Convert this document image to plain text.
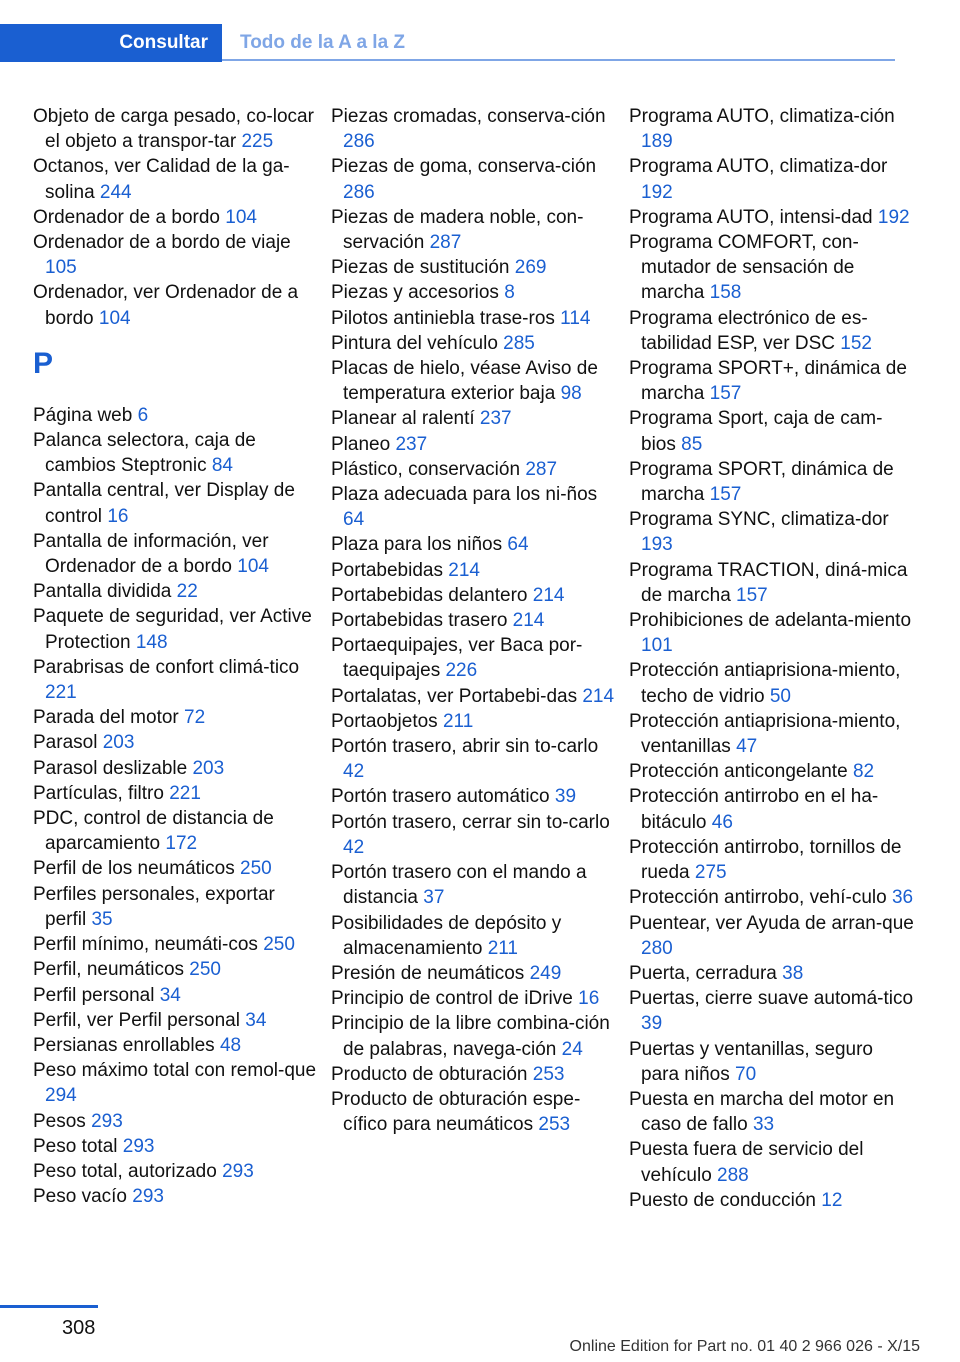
Consultar	Todo de la A a la Z
Objeto de carga pesado, co-locar el objeto a transpor-tar 225
Octanos, ver Calidad de la ga-solina 244
Ordenador de a bordo 104
Ordenador de a bordo de viaje 105
Ordenador, ver Ordenador de a bordo 104
P
Página web 6
Palanca selectora, caja de cambios Steptronic 84
Pantalla central, ver Display de control 16
Pantalla de información, ver Ordenador de a bordo 104
Pantalla dividida 22
Paquete de seguridad, ver Active Protection 148
Parabrisas de confort climá-tico 221
Parada del motor 72
Parasol 203
Parasol deslizable 203
Partículas, filtro 221
PDC, control de distancia de aparcamiento 172
Perfil de los neumáticos 250
Perfiles personales, exportar perfil 35
Perfil mínimo, neumáti-cos 250
Perfil, neumáticos 250
Perfil personal 34
Perfil, ver Perfil personal 34
Persianas enrollables 48
Peso máximo total con remol-que 294
Pesos 293
Peso total 293
Peso total, autorizado 293
Peso vacío 293
Piezas cromadas, conserva-ción 286
Piezas de goma, conserva-ción 286
Piezas de madera noble, con-servación 287
Piezas de sustitución 269
Piezas y accesorios 8
Pilotos antiniebla trase-ros 114
Pintura del vehículo 285
Placas de hielo, véase Aviso de temperatura exterior baja 98
Planear al ralentí 237
Planeo 237
Plástico, conservación 287
Plaza adecuada para los ni-ños 64
Plaza para los niños 64
Portabebidas 214
Portabebidas delantero 214
Portabebidas trasero 214
Portaequipajes, ver Baca por-taequipajes 226
Portalatas, ver Portabebi-das 214
Portaobjetos 211
Portón trasero, abrir sin to-carlo 42
Portón trasero automático 39
Portón trasero, cerrar sin to-carlo 42
Portón trasero con el mando a distancia 37
Posibilidades de depósito y almacenamiento 211
Presión de neumáticos 249
Principio de control de iDrive 16
Principio de la libre combina-ción de palabras, navega-ción 24
Producto de obturación 253
Producto de obturación espe-cífico para neumáticos 253
Programa AUTO, climatiza-ción 189
Programa AUTO, climatiza-dor 192
Programa AUTO, intensi-dad 192
Programa COMFORT, con-mutador de sensación de marcha 158
Programa electrónico de es-tabilidad ESP, ver DSC 152
Programa SPORT+, dinámica de marcha 157
Programa Sport, caja de cam-bios 85
Programa SPORT, dinámica de marcha 157
Programa SYNC, climatiza-dor 193
Programa TRACTION, diná-mica de marcha 157
Prohibiciones de adelanta-miento 101
Protección antiaprisiona-miento, techo de vidrio 50
Protección antiaprisiona-miento, ventanillas 47
Protección anticongelante 82
Protección antirrobo en el ha-bitáculo 46
Protección antirrobo, tornillos de rueda 275
Protección antirrobo, vehí-culo 36
Puentear, ver Ayuda de arran-que 280
Puerta, cerradura 38
Puertas, cierre suave automá-tico 39
Puertas y ventanillas, seguro para niños 70
Puesta en marcha del motor en caso de fallo 33
Puesta fuera de servicio del vehículo 288
Puesto de conducción 12
308
Online Edition for Part no. 01 40 2 966 026 - X/15
